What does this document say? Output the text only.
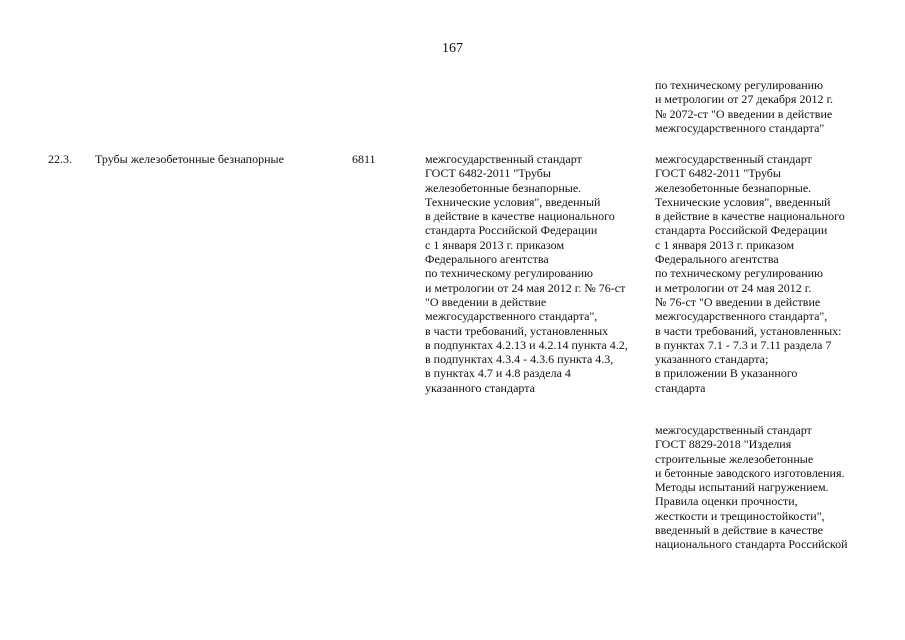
167
по техническому регулированию
и метрологии от 27 декабря 2012 г.
№ 2072-ст "О введении в действие
межгосударственного стандарта"
22.3. Трубы железобетонные безнапорные	6811	межгосударственный стандарт
ГОСТ 6482-2011 "Трубы
железобетонные безнапорные.
Технические условия", введенный
в действие в качестве национального
стандарта Российской Федерации
с 1 января 2013 г. приказом
Федерального агентства
по техническому регулированию
и метрологии от 24 мая 2012 г. № 76-ст
"О введении в действие
межгосударственного стандарта",
в части требований, установленных
в подпунктах 4.2.13 и 4.2.14 пункта 4.2,
в подпунктах 4.3.4 - 4.3.6 пункта 4.3,
в пунктах 4.7 и 4.8 раздела 4
указанного стандарта
межгосударственный стандарт
ГОСТ 6482-2011 "Трубы
железобетонные безнапорные.
Технические условия", введенный
в действие в качестве национального
стандарта Российской Федерации
с 1 января 2013 г. приказом
Федерального агентства
по техническому регулированию
и метрологии от 24 мая 2012 г.
№ 76-ст "О введении в действие
межгосударственного стандарта",
в части требований, установленных:
в пунктах 7.1 - 7.3 и 7.11 раздела 7
указанного стандарта;
в приложении В указанного
стандарта
межгосударственный стандарт
ГОСТ 8829-2018 "Изделия
строительные железобетонные
и бетонные заводского изготовления.
Методы испытаний нагружением.
Правила оценки прочности,
жесткости и трещиностойкости",
введенный в действие в качестве
национального стандарта Российской
